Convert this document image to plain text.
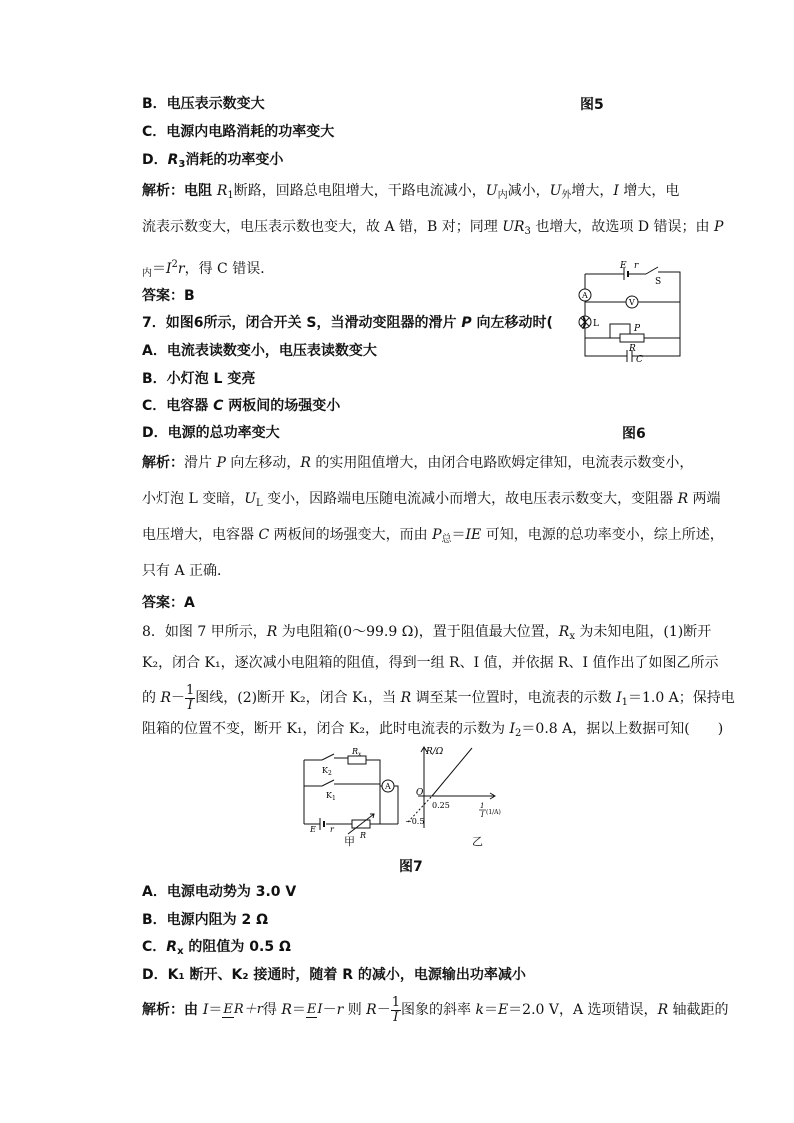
B．电压表示数变大	图5
C．电源内电路消耗的功率变大
D．$R_3$消耗的功率变小
解析：电阻 $R_1$断路，回路总电阻增大，干路电流减小，$U_内$减小，$U_外$增大，I 增大，电
流表示数变大，电压表示数也变大，故 A 错，B 对；同理 $UR_3$ 也增大，故选项 D 错误；由 P
$_内=I^2r$，得 C 错误．
答案：B
E r
S
A
V
L	P
R
C
7．如图6所示，闭合开关 S，当滑动变阻器的滑片 P 向左移动时(　　)
A．电流表读数变小，电压表读数变大
B．小灯泡 L 变亮
C．电容器 C 两板间的场强变小
D．电源的总功率变大	图6
解析：滑片 P 向左移动，R 的实用阻值增大，由闭合电路欧姆定律知，电流表示数变小，
小灯泡 L 变暗，$U_L$ 变小，因路端电压随电流减小而增大，故电压表示数变大，变阻器 R 两端
电压增大，电容器 C 两板间的场强变大，而由 $P_总=IE$ 可知，电源的总功率变小，综上所述，
只有 A 正确．
答案：A
8．如图 7 甲所示，R 为电阻箱(0～99.9 Ω)，置于阻值最大位置，$R_x$ 为未知电阻，(1)断开
K₂，闭合 K₁，逐次减小电阻箱的阻值，得到一组 R、I 值，并依据 R、I 值作出了如图乙所示
的 $R- \frac{1}{I}$图线，(2)断开 K₂，闭合 K₁，当 R 调至某一位置时，电流表的示数 $I_1=1.0$ A；保持电
阻箱的位置不变，断开 K₁，闭合 K₂，此时电流表的示数为 $I_2=0.8$ A，据以上数据可知(　　)
$R_x$
$K_2$
$K_1$
A
E r
R
甲
R/Ω
O
0.25
−0.5
1
I (1/A)
乙
图7
A．电源电动势为 3.0 V
B．电源内阻为 2 Ω
C．$R_x$ 的阻值为 0.5 Ω
D．K₁ 断开、K₂ 接通时，随着 R 的减小，电源输出功率减小
解析：由 I＝ER＋r得 R＝EI－r 则 $R- \frac{1}{I}$图象的斜率 k＝E＝2.0 V，A 选项错误，R 轴截距的
